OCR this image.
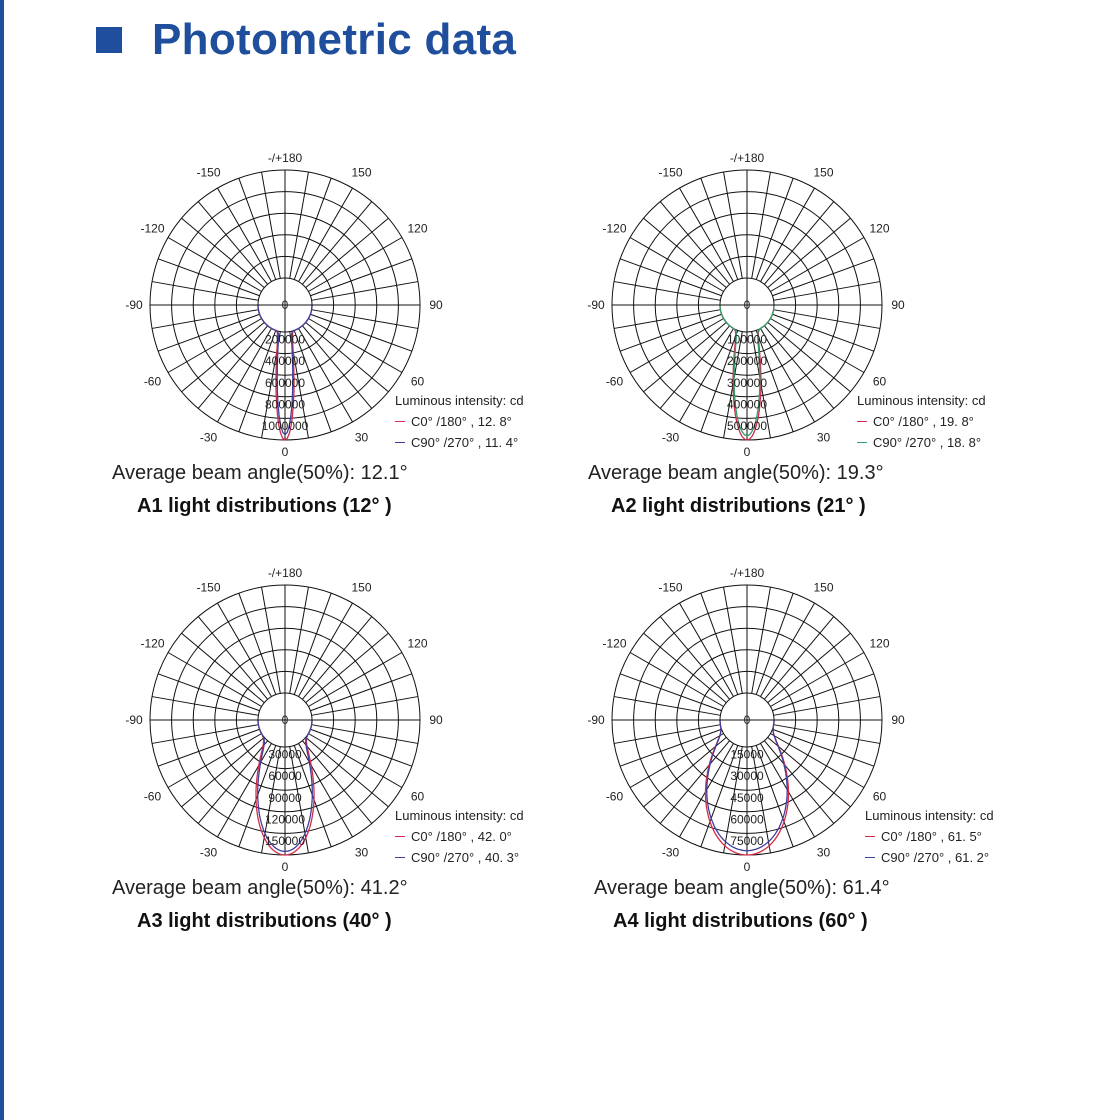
Photometric data
-/+180
150
120
90
60
30
0
-30
-60
-90
-120
-150
0
200000
400000
600000
800000
1000000
Luminous intensity: cd
C0° /180° , 12. 8°
C90° /270° , 11. 4°
Average beam angle(50%): 12.1°
A1 light distributions (12° )
-/+180
150
120
90
60
30
0
-30
-60
-90
-120
-150
0
100000
200000
300000
400000
500000
Luminous intensity: cd
C0° /180° , 19. 8°
C90° /270° , 18. 8°
Average beam angle(50%): 19.3°
A2 light distributions (21° )
-/+180
150
120
90
60
30
0
-30
-60
-90
-120
-150
0
30000
60000
90000
120000
150000
Luminous intensity: cd
C0° /180° , 42. 0°
C90° /270° , 40. 3°
Average beam angle(50%): 41.2°
A3 light distributions (40° )
-/+180
150
120
90
60
30
0
-30
-60
-90
-120
-150
0
15000
30000
45000
60000
75000
Luminous intensity: cd
C0° /180° , 61. 5°
C90° /270° , 61. 2°
Average beam angle(50%): 61.4°
A4 light distributions (60° )
